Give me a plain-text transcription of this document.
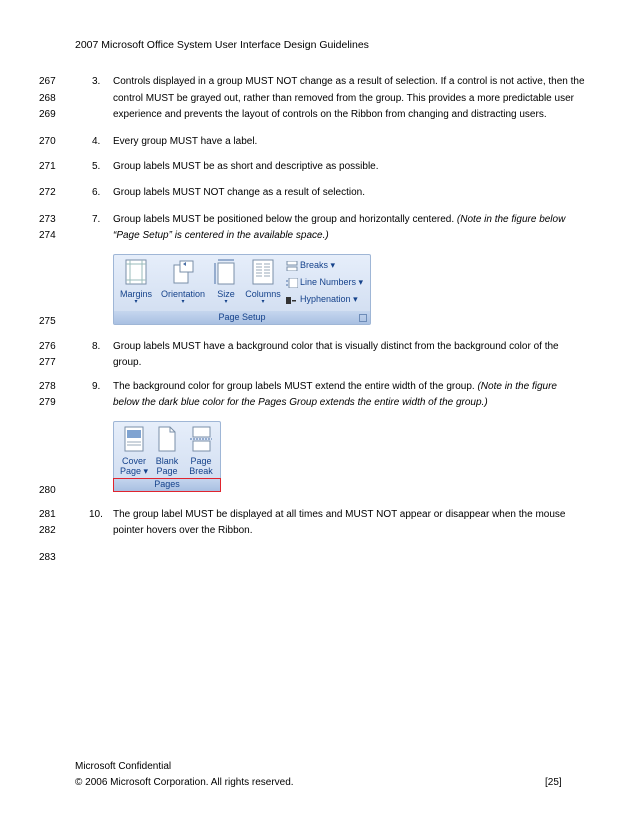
2007 Microsoft Office System User Interface Design Guidelines
267
268
269
270
271
272
273
274
275
276
277
278
279
280
281
282
283
3. Controls displayed in a group MUST NOT change as a result of selection. If a control is not active, then the
control MUST be grayed out, rather than removed from the group. This provides a more predictable user
experience and prevents the layout of controls on the Ribbon from changing and distracting users.
4. Every group MUST have a label.
5. Group labels MUST be as short and descriptive as possible.
6. Group labels MUST NOT change as a result of selection.
7. Group labels MUST be positioned below the group and horizontally centered. (Note in the figure below
“Page Setup” is centered in the available space.)
Margins
▾
Orientation
▾
Size
▾
Columns
▾
Breaks ▾
Line Numbers ▾
Hyphenation ▾
Page Setup
8. Group labels MUST have a background color that is visually distinct from the background color of the
group.
9. The background color for group labels MUST extend the entire width of the group. (Note in the figure
below the dark blue color for the Pages Group extends the entire width of the group.)
Cover
Page ▾
Blank
Page
Page
Break
Pages
10. The group label MUST be displayed at all times and MUST NOT appear or disappear when the mouse
pointer hovers over the Ribbon.
Microsoft Confidential
© 2006 Microsoft Corporation. All rights reserved.	[25]
